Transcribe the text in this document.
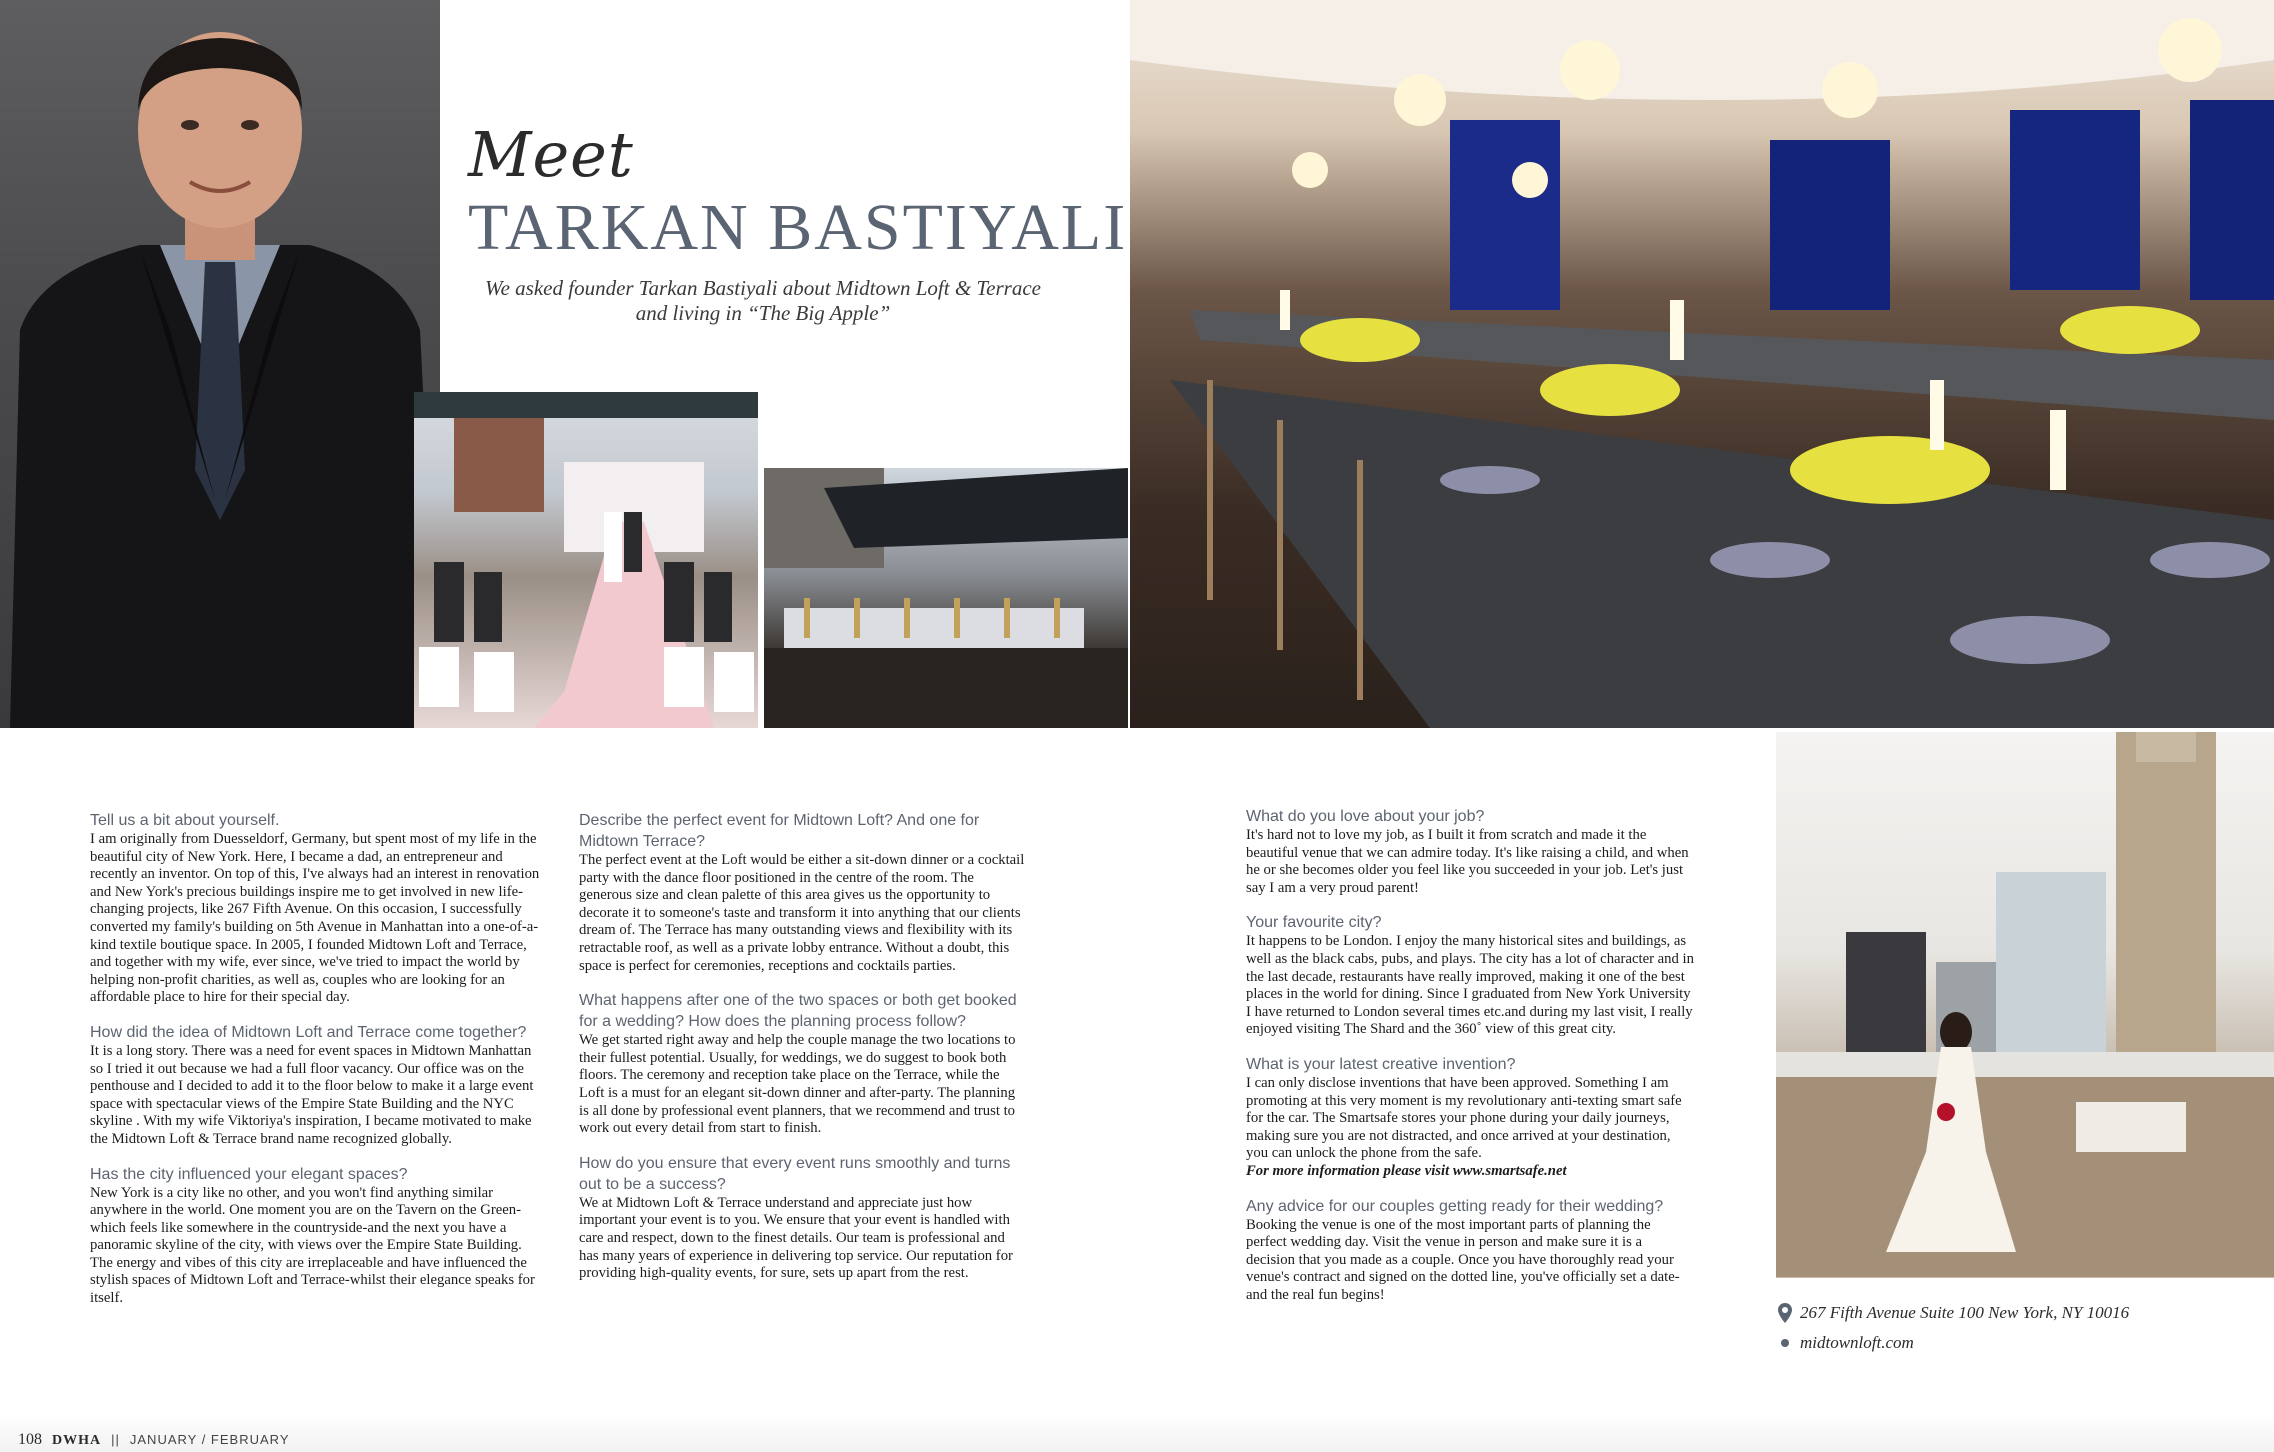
Meet
TARKAN BASTIYALI
We asked founder Tarkan Bastiyali about Midtown Loft & Terrace and living in “The Big Apple”

Tell us a bit about yourself.

I am originally from Duesseldorf, Germany, but spent most of my life in the beautiful city of New York. Here, I became a dad, an entrepreneur and recently an inventor. On top of this, I've always had an interest in renovation and New York's precious buildings inspire me to get involved in new life-changing projects, like 267 Fifth Avenue. On this occasion, I successfully converted my family's building on 5th Avenue in Manhattan into a one-of-a-kind textile boutique space. In 2005, I founded Midtown Loft and Terrace, and together with my wife, ever since, we've tried to impact the world by helping non-profit charities, as well as, couples who are looking for an affordable place to hire for their special day.

How did the idea of Midtown Loft and Terrace come together?

It is a long story. There was a need for event spaces in Midtown Manhattan so I tried it out because we had a full floor vacancy. Our office was on the penthouse and I decided to add it to the floor below to make it a large event space with spectacular views of the Empire State Building and the NYC skyline . With my wife Viktoriya's inspiration, I became motivated to make the Midtown Loft & Terrace brand name recognized globally.

Has the city influenced your elegant spaces?

New York is a city like no other, and you won't find anything similar anywhere in the world. One moment you are on the Tavern on the Green-which feels like somewhere in the countryside-and the next you have a panoramic skyline of the city, with views over the Empire State Building. The energy and vibes of this city are irreplaceable and have influenced the stylish spaces of Midtown Loft and Terrace-whilst their elegance speaks for itself.

Describe the perfect event for Midtown Loft? And one for Midtown Terrace?

The perfect event at the Loft would be either a sit-down dinner or a cocktail party with the dance floor positioned in the centre of the room. The generous size and clean palette of this area gives us the opportunity to decorate it to someone's taste and transform it into anything that our clients dream of. The Terrace has many outstanding views and flexibility with its retractable roof, as well as a private lobby entrance. Without a doubt, this space is perfect for ceremonies, receptions and cocktails parties.

What happens after one of the two spaces or both get booked for a wedding? How does the planning process follow?

We get started right away and help the couple manage the two locations to their fullest potential. Usually, for weddings, we do suggest to book both floors. The ceremony and reception take place on the Terrace, while the Loft is a must for an elegant sit-down dinner and after-party. The planning is all done by professional event planners, that we recommend and trust to work out every detail from start to finish.

How do you ensure that every event runs smoothly and turns out to be a success?

We at Midtown Loft & Terrace understand and appreciate just how important your event is to you. We ensure that your event is handled with care and respect, down to the finest details. Our team is professional and has many years of experience in delivering top service. Our reputation for providing high-quality events, for sure, sets up apart from the rest.

What do you love about your job?

It's hard not to love my job, as I built it from scratch and made it the beautiful venue that we can admire today. It's like raising a child, and when he or she becomes older you feel like you succeeded in your job. Let's just say I am a very proud parent!

Your favourite city?

It happens to be London. I enjoy the many historical sites and buildings, as well as the black cabs, pubs, and plays. The city has a lot of character and in the last decade, restaurants have really improved, making it one of the best places in the world for dining. Since I graduated from New York University I have returned to London several times etc.and during my last visit, I really enjoyed visiting The Shard and the 360˚ view of this great city.

What is your latest creative invention?

I can only disclose inventions that have been approved. Something I am promoting at this very moment is my revolutionary anti-texting smart safe for the car. The Smartsafe stores your phone during your daily journeys, making sure you are not distracted, and once arrived at your destination, you can unlock the phone from the safe.

For more information please visit www.smartsafe.net

Any advice for our couples getting ready for their wedding?

Booking the venue is one of the most important parts of planning the perfect wedding day. Visit the venue in person and make sure it is a decision that you made as a couple. Once you have thoroughly read your venue's contract and signed on the dotted line, you've officially set a date-and the real fun begins!

267 Fifth Avenue Suite 100 New York, NY 10016
midtownloft.com
108 DWHA || JANUARY / FEBRUARY
